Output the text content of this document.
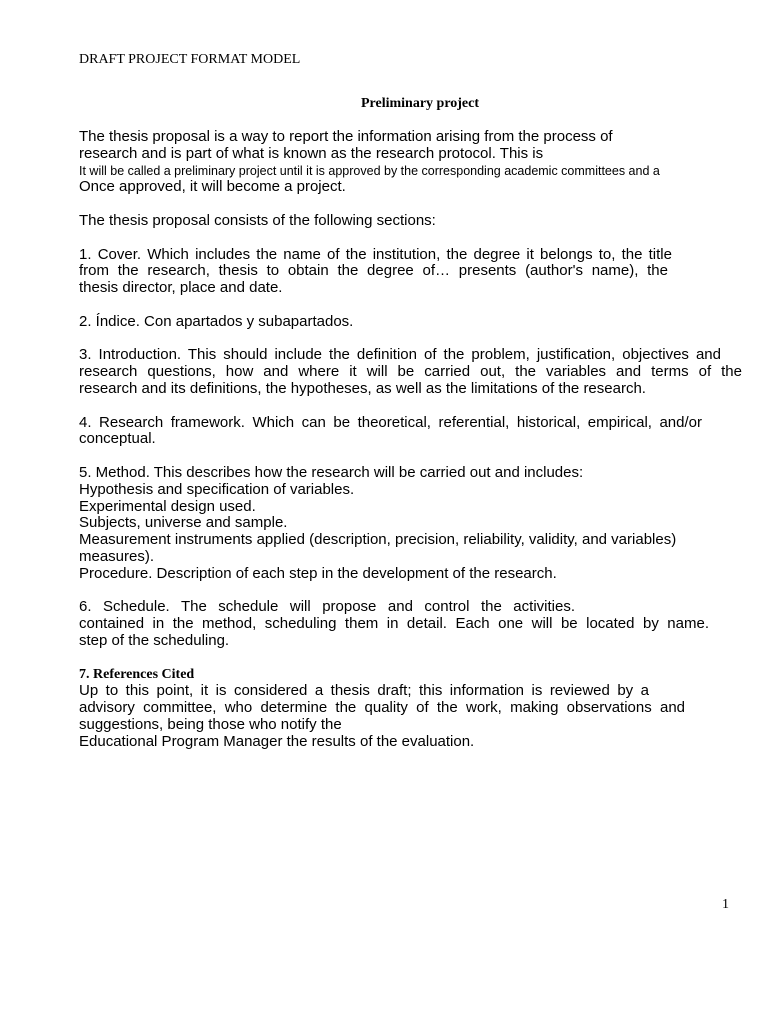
DRAFT PROJECT FORMAT MODEL
Preliminary project

The thesis proposal is a way to report the information arising from the process of

research and is part of what is known as the research protocol. This is

It will be called a preliminary project until it is approved by the corresponding academic committees and a

Once approved, it will become a project.

The thesis proposal consists of the following sections:

1. Cover. Which includes the name of the institution, the degree it belongs to, the title

from the research, thesis to obtain the degree of… presents (author's name), the

thesis director, place and date.

2. Índice. Con apartados y subapartados.

3. Introduction. This should include the definition of the problem, justification, objectives and

research questions, how and where it will be carried out, the variables and terms of the

research and its definitions, the hypotheses, as well as the limitations of the research.

4. Research framework. Which can be theoretical, referential, historical, empirical, and/or

conceptual.

5. Method. This describes how the research will be carried out and includes:

Hypothesis and specification of variables.

Experimental design used.

Subjects, universe and sample.

Measurement instruments applied (description, precision, reliability, validity, and variables)

measures).

Procedure. Description of each step in the development of the research.

6. Schedule. The schedule will propose and control the activities.

contained in the method, scheduling them in detail. Each one will be located by name.

step of the scheduling.

7. References Cited

Up to this point, it is considered a thesis draft; this information is reviewed by a

advisory committee, who determine the quality of the work, making observations and

suggestions, being those who notify the

Educational Program Manager the results of the evaluation.

1
